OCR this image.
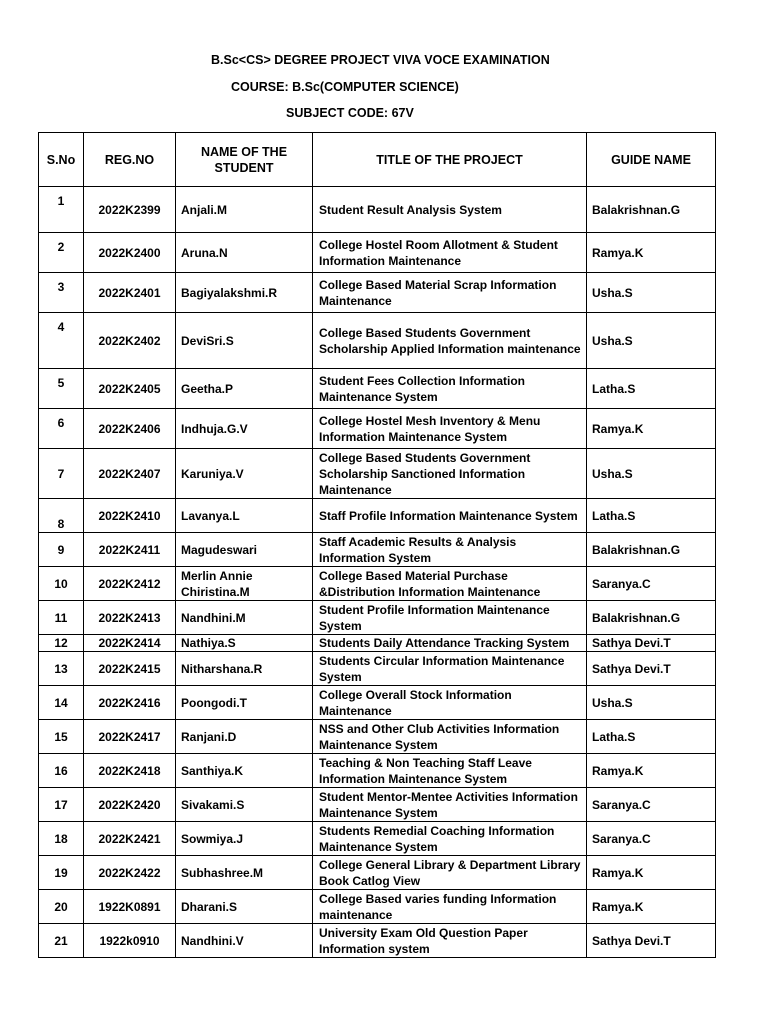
B.Sc<CS> DEGREE PROJECT VIVA VOCE EXAMINATION
COURSE: B.Sc(COMPUTER SCIENCE)
SUBJECT CODE: 67V
S.No	REG.NO	NAME OF THE STUDENT	TITLE OF THE PROJECT	GUIDE NAME
1	2022K2399	Anjali.M	Student Result Analysis System	Balakrishnan.G
2	2022K2400	Aruna.N	College Hostel Room Allotment & Student Information Maintenance	Ramya.K
3	2022K2401	Bagiyalakshmi.R	College Based Material Scrap Information Maintenance	Usha.S
4	2022K2402	DeviSri.S	College Based Students Government Scholarship Applied Information maintenance	Usha.S
5	2022K2405	Geetha.P	Student Fees Collection Information Maintenance System	Latha.S
6	2022K2406	Indhuja.G.V	College Hostel Mesh Inventory & Menu Information Maintenance System	Ramya.K
7	2022K2407	Karuniya.V	College Based Students Government Scholarship Sanctioned Information Maintenance	Usha.S
8	2022K2410	Lavanya.L	Staff Profile Information Maintenance System	Latha.S
9	2022K2411	Magudeswari	Staff Academic Results & Analysis Information System	Balakrishnan.G
10	2022K2412	Merlin Annie Chiristina.M	College Based Material Purchase &Distribution Information Maintenance	Saranya.C
11	2022K2413	Nandhini.M	Student Profile Information Maintenance System	Balakrishnan.G
12	2022K2414	Nathiya.S	Students Daily Attendance Tracking System	Sathya Devi.T
13	2022K2415	Nitharshana.R	Students Circular Information Maintenance System	Sathya Devi.T
14	2022K2416	Poongodi.T	College Overall Stock Information Maintenance	Usha.S
15	2022K2417	Ranjani.D	NSS and Other Club Activities Information Maintenance System	Latha.S
16	2022K2418	Santhiya.K	Teaching & Non Teaching Staff Leave Information Maintenance System	Ramya.K
17	2022K2420	Sivakami.S	Student Mentor-Mentee Activities Information Maintenance System	Saranya.C
18	2022K2421	Sowmiya.J	Students Remedial Coaching Information Maintenance System	Saranya.C
19	2022K2422	Subhashree.M	College General Library & Department Library Book Catlog View	Ramya.K
20	1922K0891	Dharani.S	College Based varies funding Information maintenance	Ramya.K
21	1922k0910	Nandhini.V	University Exam Old Question Paper Information system	Sathya Devi.T
